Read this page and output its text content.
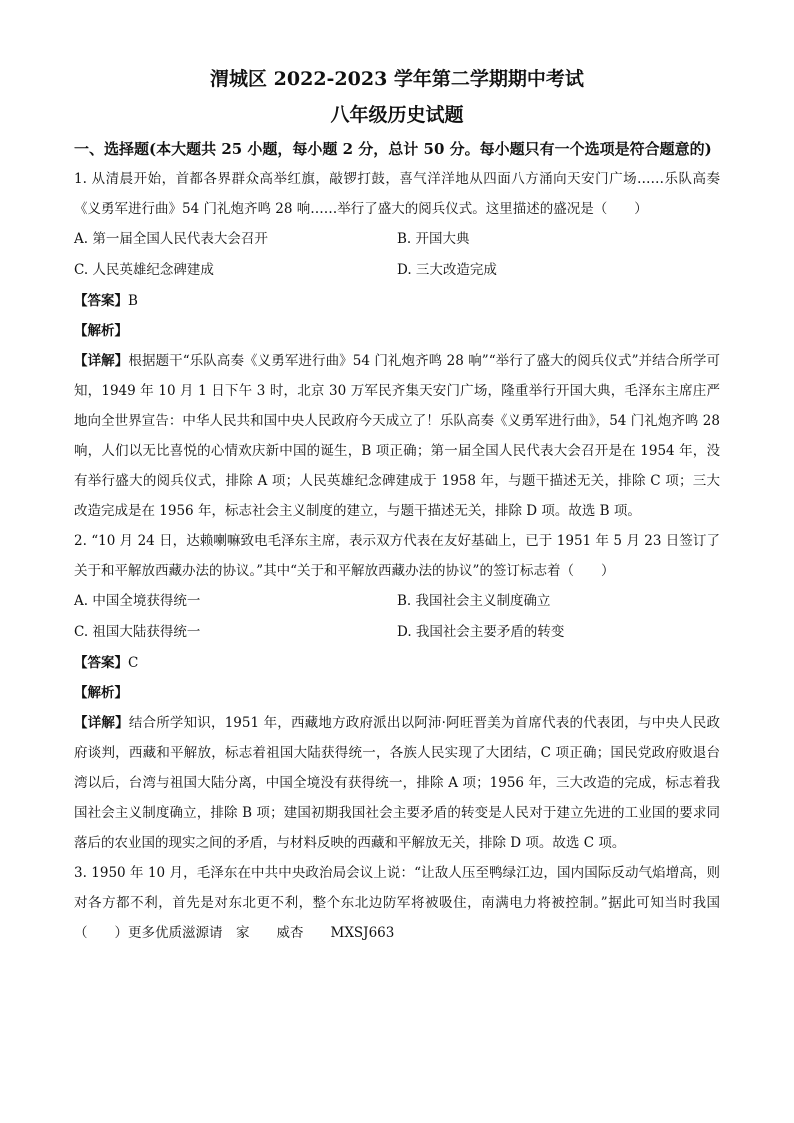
渭城区 2022-2023 学年第二学期期中考试
八年级历史试题
一、选择题(本大题共 25 小题，每小题 2 分，总计 50 分。每小题只有一个选项是符合题意的)

1. 从清晨开始，首都各界群众高举红旗，敲锣打鼓，喜气洋洋地从四面八方涌向天安门广场……乐队高奏《义勇军进行曲》54 门礼炮齐鸣 28 响……举行了盛大的阅兵仪式。这里描述的盛况是（　　）

A. 第一届全国人民代表大会召开	B. 开国大典
C. 人民英雄纪念碑建成	D. 三大改造完成

【答案】B

【解析】

【详解】根据题干“乐队高奏《义勇军进行曲》54 门礼炮齐鸣 28 响”“举行了盛大的阅兵仪式”并结合所学可知，1949 年 10 月 1 日下午 3 时，北京 30 万军民齐集天安门广场，隆重举行开国大典，毛泽东主席庄严地向全世界宣告：中华人民共和国中央人民政府今天成立了！乐队高奏《义勇军进行曲》，54 门礼炮齐鸣 28 响，人们以无比喜悦的心情欢庆新中国的诞生，B 项正确；第一届全国人民代表大会召开是在 1954 年，没有举行盛大的阅兵仪式，排除 A 项；人民英雄纪念碑建成于 1958 年，与题干描述无关，排除 C 项；三大改造完成是在 1956 年，标志社会主义制度的建立，与题干描述无关，排除 D 项。故选 B 项。

2. “10 月 24 日，达赖喇嘛致电毛泽东主席，表示双方代表在友好基础上，已于 1951 年 5 月 23 日签订了关于和平解放西藏办法的协议。”其中“关于和平解放西藏办法的协议”的签订标志着（　　）

A. 中国全境获得统一	B. 我国社会主义制度确立
C. 祖国大陆获得统一	D. 我国社会主要矛盾的转变

【答案】C

【解析】

【详解】结合所学知识，1951 年，西藏地方政府派出以阿沛·阿旺晋美为首席代表的代表团，与中央人民政府谈判，西藏和平解放，标志着祖国大陆获得统一，各族人民实现了大团结，C 项正确；国民党政府败退台湾以后，台湾与祖国大陆分离，中国全境没有获得统一，排除 A 项；1956 年，三大改造的完成，标志着我国社会主义制度确立，排除 B 项；建国初期我国社会主要矛盾的转变是人民对于建立先进的工业国的要求同落后的农业国的现实之间的矛盾，与材料反映的西藏和平解放无关，排除 D 项。故选 C 项。

3. 1950 年 10 月，毛泽东在中共中央政治局会议上说：“让敌人压至鸭绿江边，国内国际反动气焰增高，则对各方都不利，首先是对东北更不利，整个东北边防军将被吸住，南满电力将被控制。”据此可知当时我国（　　）更多优质滋源请　家　　威杏　　MXSJ663
